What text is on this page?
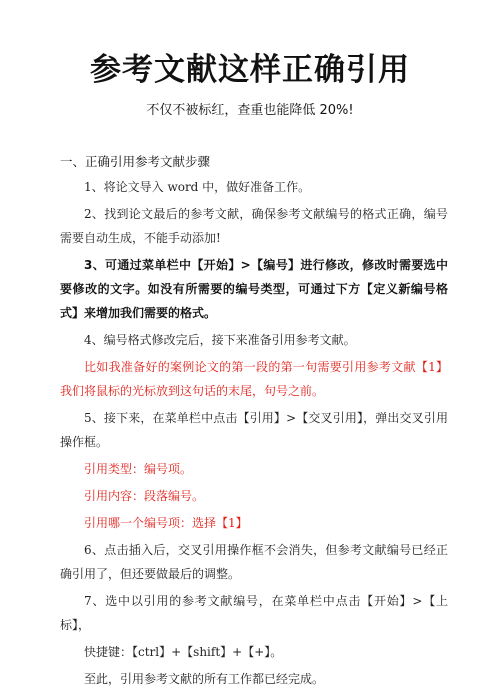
参考文献这样正确引用
不仅不被标红，查重也能降低 20%!
一、正确引用参考文献步骤

1、将论文导入 word 中，做好准备工作。

2、找到论文最后的参考文献，确保参考文献编号的格式正确，编号需要自动生成，不能手动添加!

3、可通过菜单栏中【开始】>【编号】进行修改，修改时需要选中要修改的文字。如没有所需要的编号类型，可通过下方【定义新编号格式】来增加我们需要的格式。

4、编号格式修改完后，接下来准备引用参考文献。

比如我准备好的案例论文的第一段的第一句需要引用参考文献【1】我们将鼠标的光标放到这句话的末尾，句号之前。

5、接下来，在菜单栏中点击【引用】>【交叉引用】，弹出交叉引用操作框。

引用类型：编号项。

引用内容：段落编号。

引用哪一个编号项：选择【1】

6、点击插入后，交叉引用操作框不会消失，但参考文献编号已经正确引用了，但还要做最后的调整。

7、选中以引用的参考文献编号，在菜单栏中点击【开始】>【上标】，

快捷键：【ctrl】+【shift】+【+】。

至此，引用参考文献的所有工作都已经完成。
